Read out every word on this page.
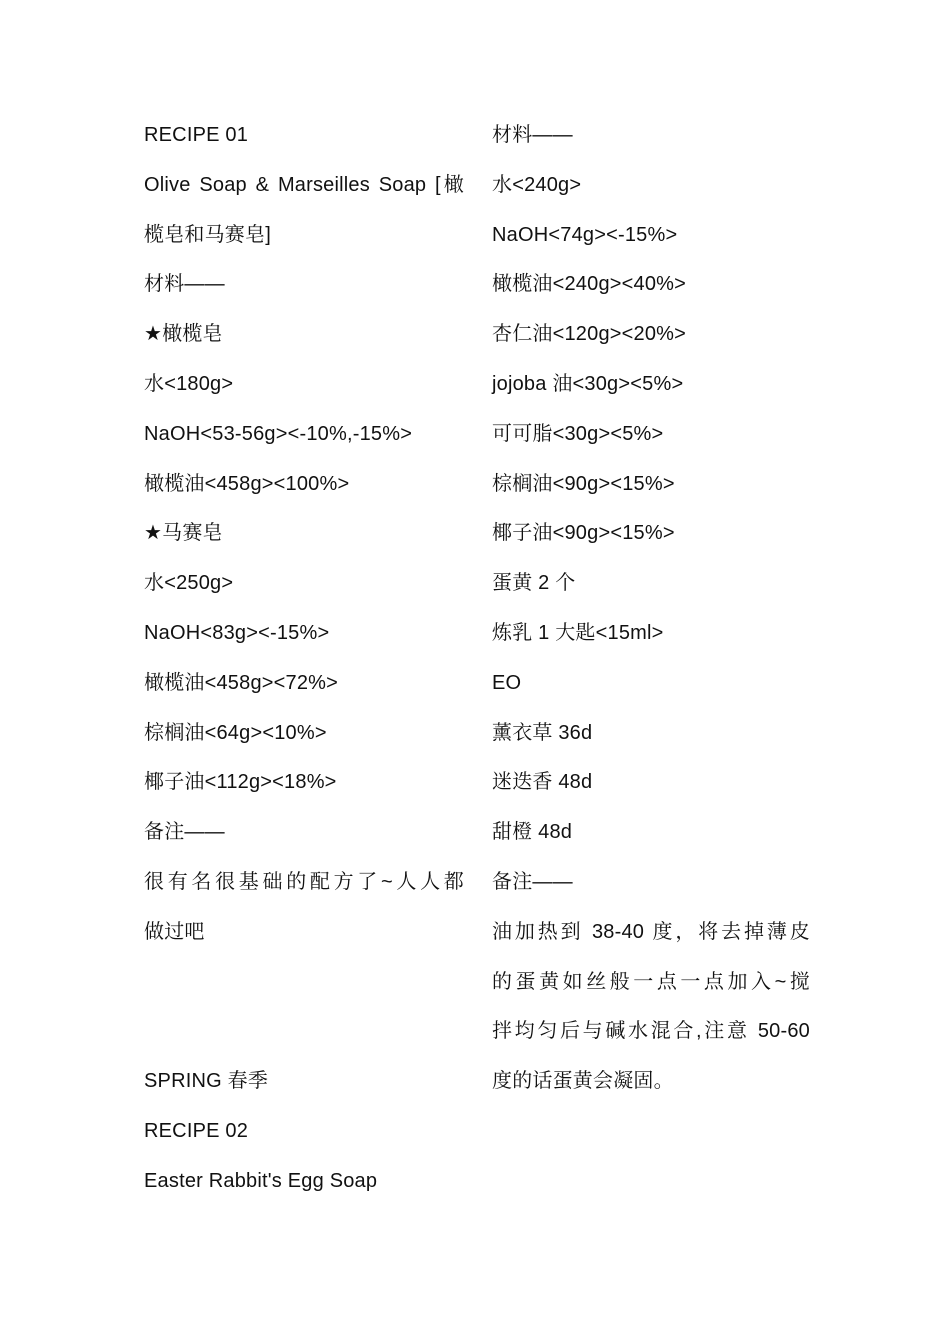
RECIPE 01
Olive Soap & Marseilles Soap [橄
榄皂和马赛皂]
材料——
★橄榄皂
水<180g>
NaOH<53-56g><-10%,-15%>
橄榄油<458g><100%>
★马赛皂
水<250g>
NaOH<83g><-15%>
橄榄油<458g><72%>
棕榈油<64g><10%>
椰子油<112g><18%>
备注——
很有名很基础的配方了~人人都
做过吧
SPRING 春季
RECIPE 02
Easter Rabbit's Egg Soap
材料——
水<240g>
NaOH<74g><-15%>
橄榄油<240g><40%>
杏仁油<120g><20%>
jojoba 油<30g><5%>
可可脂<30g><5%>
棕榈油<90g><15%>
椰子油<90g><15%>
蛋黄 2 个
炼乳 1 大匙<15ml>
EO
薰衣草 36d
迷迭香 48d
甜橙 48d
备注——
油加热到 38-40 度，将去掉薄皮
的蛋黄如丝般一点一点加入~搅
拌均匀后与碱水混合,注意 50-60
度的话蛋黄会凝固。
